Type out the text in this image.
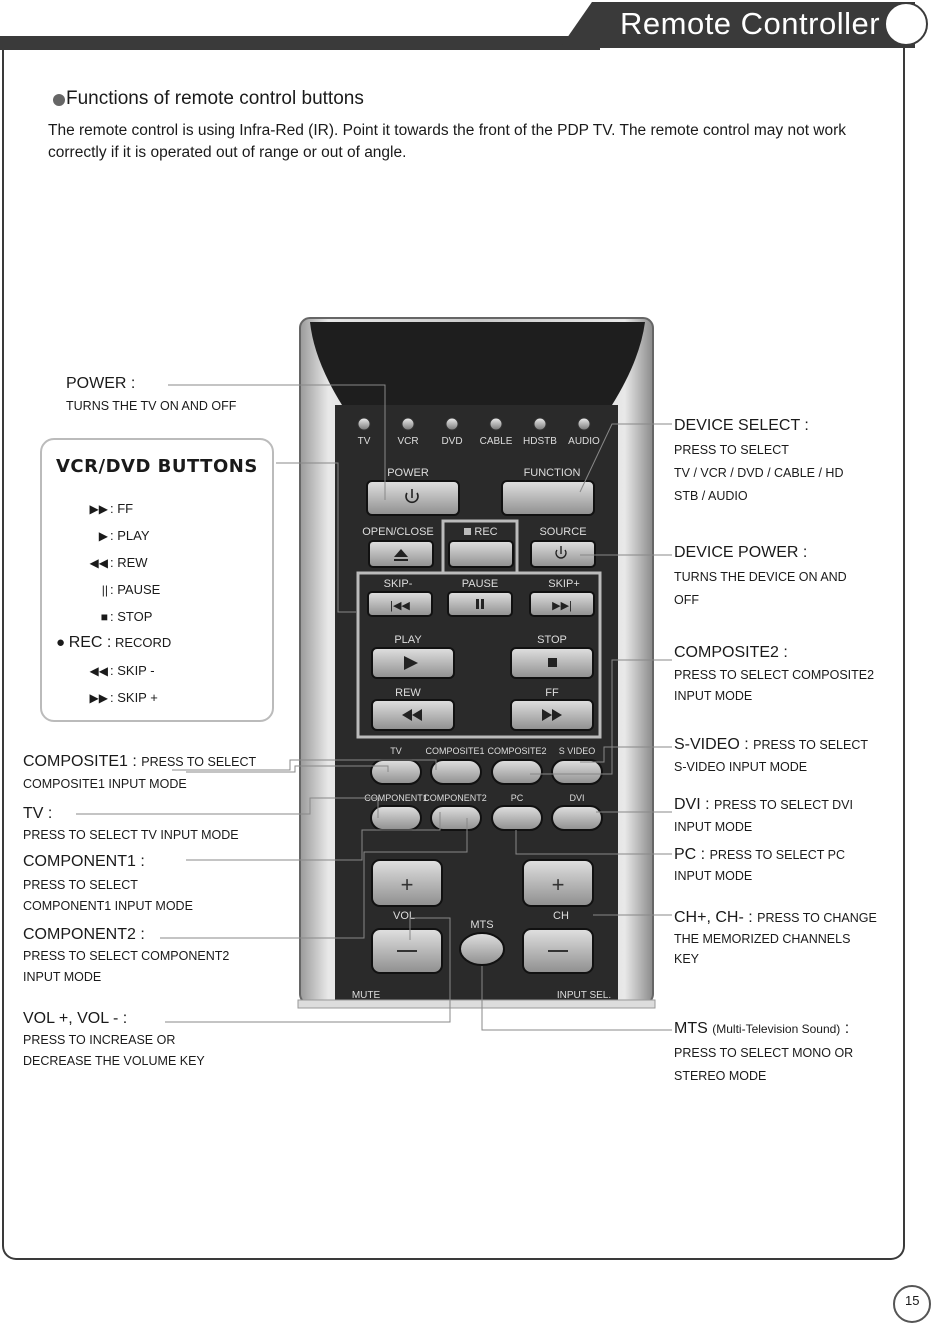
Remote Controller
Functions of remote control buttons
The remote control is using Infra-Red (IR). Point it towards the front of the PDP TV. The remote control may not work correctly if it is operated out of range or out of angle.
TV	VCR DVD CABLE HDSTB AUDIO
POWER	FUNCTION
OPEN/CLOSE	REC	SOURCE
SKIP-	PAUSE	SKIP+
|◀◀	▶▶|
PLAY	STOP
REW	FF
TV	COMPOSITE1 COMPOSITE2 S VIDEO
COMPONENT1
COMPONENT2	PC	DVI
+	+
VOL
MTS
CH
MUTE	INPUT SEL.
VCR/DVD BUTTONS
▶▶ : FF
▶ : PLAY
◀◀ : REW
|| : PAUSE
■ : STOP
● REC : RECORD
◀◀ : SKIP -
▶▶ : SKIP +
POWER :
TURNS THE TV ON AND OFF
COMPOSITE1 : PRESS TO SELECT
COMPOSITE1 INPUT MODE
TV :
PRESS TO SELECT TV INPUT MODE
COMPONENT1 :
PRESS TO SELECT
COMPONENT1 INPUT MODE
COMPONENT2 :
PRESS TO SELECT COMPONENT2
INPUT MODE
VOL +, VOL - :
PRESS TO INCREASE OR
DECREASE THE VOLUME KEY
DEVICE SELECT :
PRESS TO SELECT
TV / VCR / DVD / CABLE / HD
STB / AUDIO
DEVICE POWER :
TURNS THE DEVICE ON AND
OFF
COMPOSITE2 :
PRESS TO SELECT COMPOSITE2
INPUT MODE
S-VIDEO : PRESS TO SELECT
S-VIDEO INPUT MODE
DVI : PRESS TO SELECT DVI
INPUT MODE
PC : PRESS TO SELECT PC
INPUT MODE
CH+, CH- : PRESS TO CHANGE
THE MEMORIZED CHANNELS
KEY
MTS (Multi-Television Sound) :
PRESS TO SELECT MONO OR
STEREO MODE
15
